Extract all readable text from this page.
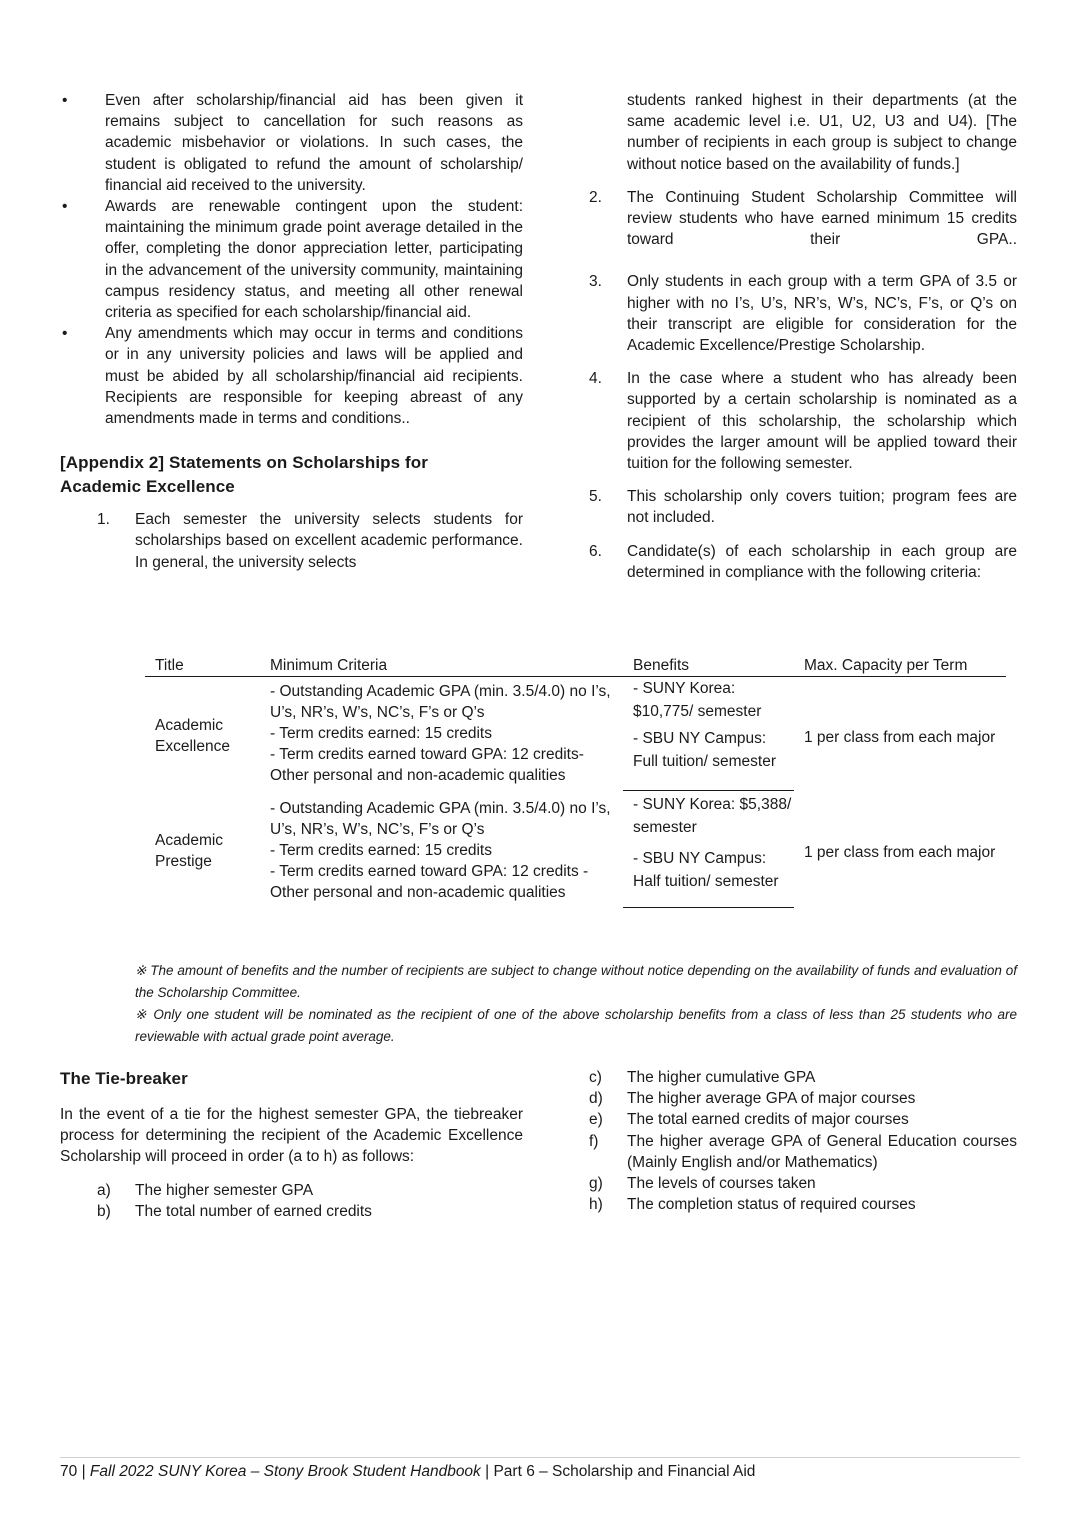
• Even after scholarship/financial aid has been given it remains subject to cancellation for such reasons as academic misbehavior or violations. In such cases, the student is obligated to refund the amount of scholarship/ financial aid received to the university.
• Awards are renewable contingent upon the student: maintaining the minimum grade point average detailed in the offer, completing the donor appreciation letter, participating in the advancement of the university community, maintaining campus residency status, and meeting all other renewal criteria as specified for each scholarship/financial aid.
• Any amendments which may occur in terms and conditions or in any university policies and laws will be applied and must be abided by all scholarship/financial aid recipients. Recipients are responsible for keeping abreast of any amendments made in terms and conditions..
[Appendix 2] Statements on Scholarships for Academic Excellence
1. Each semester the university selects students for scholarships based on excellent academic performance. In general, the university selects
students ranked highest in their departments (at the same academic level i.e. U1, U2, U3 and U4). [The number of recipients in each group is subject to change without notice based on the availability of funds.]
2. The Continuing Student Scholarship Committee will review students who have earned minimum 15 credits toward their GPA..
3. Only students in each group with a term GPA of 3.5 or higher with no I’s, U’s, NR’s, W’s, NC’s, F’s, or Q’s on their transcript are eligible for consideration for the Academic Excellence/Prestige Scholarship.
4. In the case where a student who has already been supported by a certain scholarship is nominated as a recipient of this scholarship, the scholarship which provides the larger amount will be applied toward their tuition for the following semester.
5. This scholarship only covers tuition; program fees are not included.
6. Candidate(s) of each scholarship in each group are determined in compliance with the following criteria:
Title	Minimum Criteria	Benefits	Max. Capacity per Term
Academic Excellence	- Outstanding Academic GPA (min. 3.5/4.0) no I’s, U’s, NR’s, W’s, NC’s, F’s or Q’s
- Term credits earned: 15 credits
- Term credits earned toward GPA: 12 credits- Other personal and non-academic qualities	- SUNY Korea: $10,775/ semester	1 per class from each major
		- SBU NY Campus: Full tuition/ semester	
Academic Prestige	- Outstanding Academic GPA (min. 3.5/4.0) no I’s, U’s, NR’s, W’s, NC’s, F’s or Q’s
- Term credits earned: 15 credits
- Term credits earned toward GPA: 12 credits - Other personal and non-academic qualities	- SUNY Korea: $5,388/ semester	1 per class from each major
		- SBU NY Campus: Half tuition/ semester	
※ The amount of benefits and the number of recipients are subject to change without notice depending on the availability of funds and evaluation of the Scholarship Committee.
※ Only one student will be nominated as the recipient of one of the above scholarship benefits from a class of less than 25 students who are reviewable with actual grade point average.
The Tie-breaker
In the event of a tie for the highest semester GPA, the tiebreaker process for determining the recipient of the Academic Excellence Scholarship will proceed in order (a to h) as follows:
a) The higher semester GPA
b) The total number of earned credits
c) The higher cumulative GPA
d) The higher average GPA of major courses
e) The total earned credits of major courses
f) The higher average GPA of General Education courses (Mainly English and/or Mathematics)
g) The levels of courses taken
h) The completion status of required courses
70 | Fall 2022 SUNY Korea – Stony Brook Student Handbook | Part 6 – Scholarship and Financial Aid
